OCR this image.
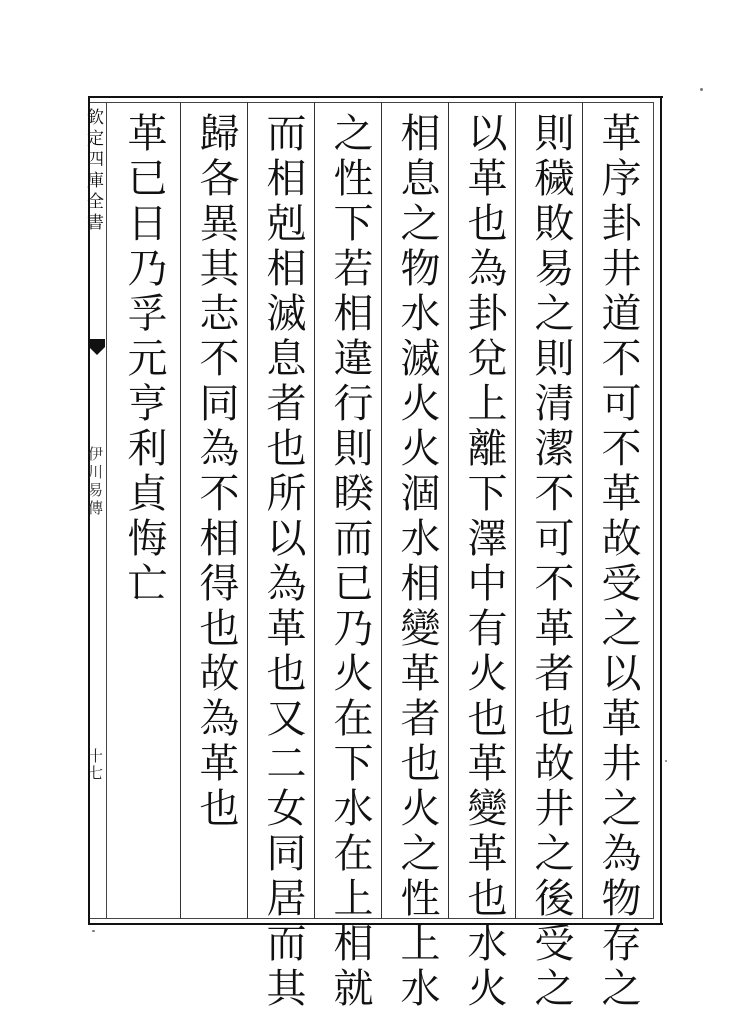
革序卦井道不可不革故受之以革井之為物存之
則穢敗易之則清潔不可不革者也故井之後受之
以革也為卦兌上離下澤中有火也革變革也水火
相息之物水滅火火涸水相變革者也火之性上水
之性下若相違行則睽而已乃火在下水在上相就
而相剋相滅息者也所以為革也又二女同居而其
歸各異其志不同為不相得也故為革也
革已日乃孚元亨利貞悔亡
欽定四庫全書
伊川易傳
十七
